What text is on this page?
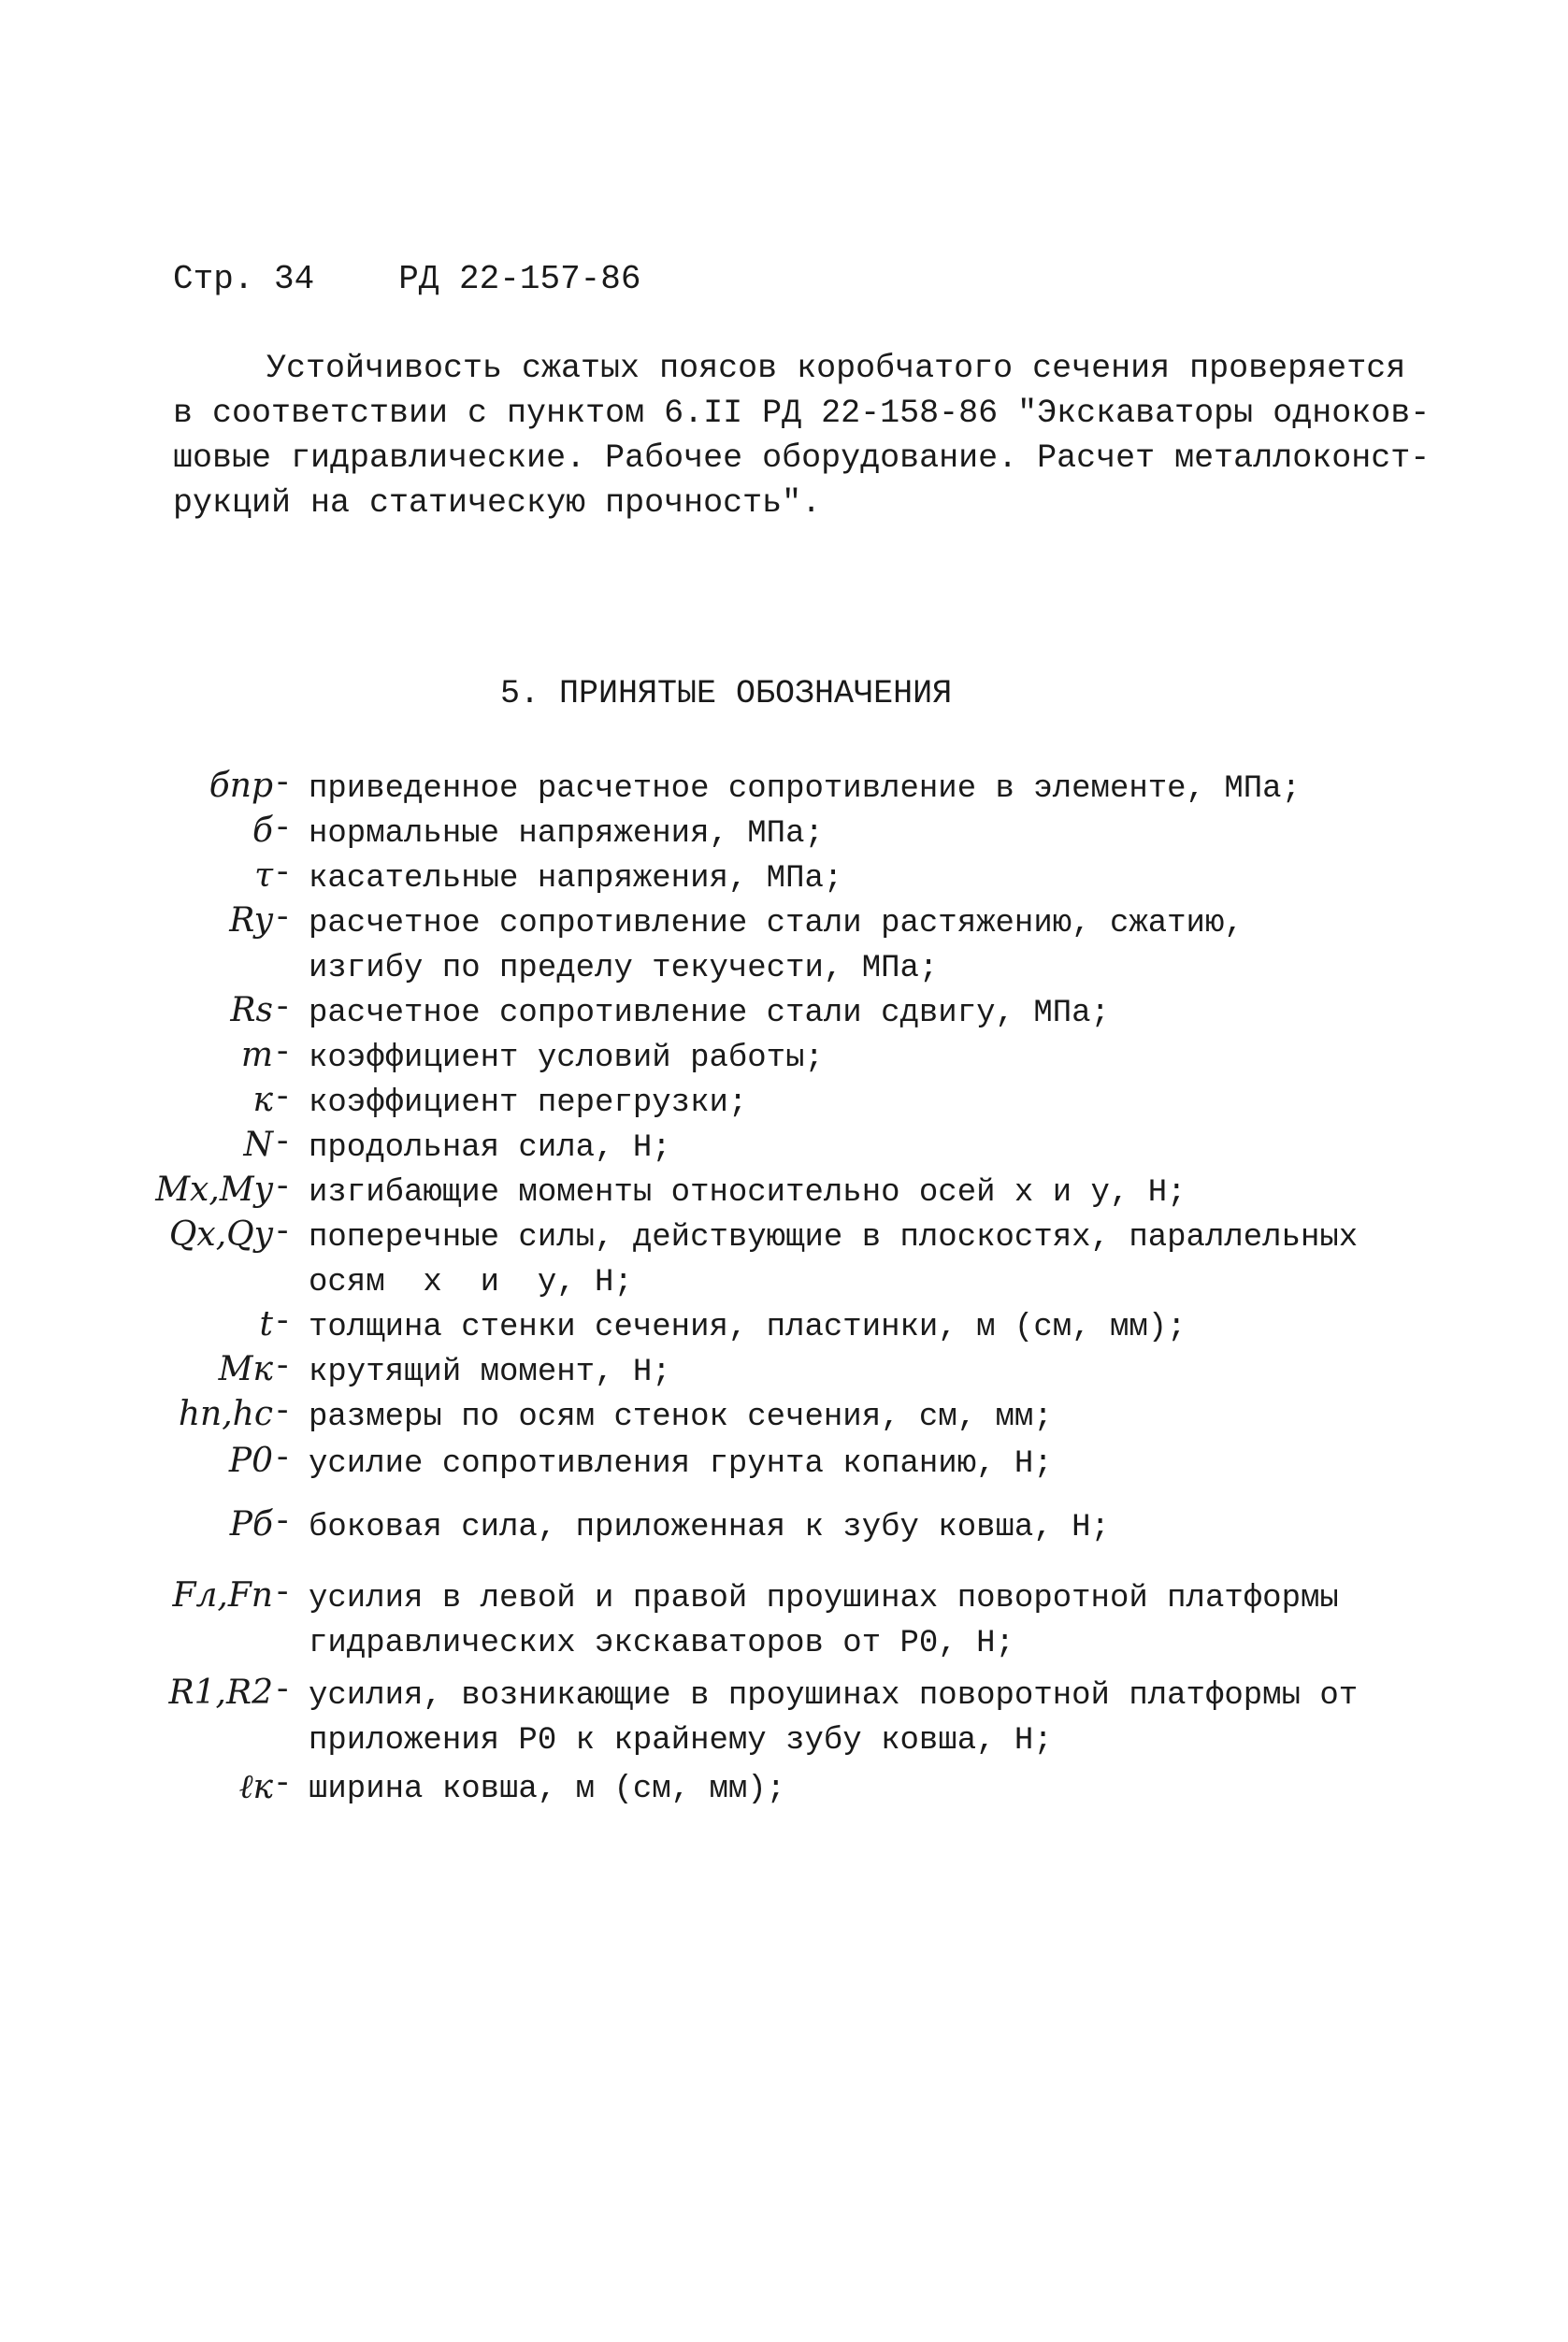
Стр. 34	РД 22-157-86
Устойчивость сжатых поясов коробчатого сечения проверяется
в соответствии с пунктом 6.II РД 22-158-86 "Экскаваторы одноков-
шовые гидравлические. Рабочее оборудование. Расчет металлоконст-
рукций на статическую прочность".
5. ПРИНЯТЫЕ ОБОЗНАЧЕНИЯ
бпр - приведенное расчетное сопротивление в элементе, МПа;
б - нормальные напряжения, МПа;
τ - касательные напряжения, МПа;
Ry - расчетное сопротивление стали растяжению, сжатию,
изгибу по пределу текучести, МПа;
Rs - расчетное сопротивление стали сдвигу, МПа;
m - коэффициент условий работы;
к - коэффициент перегрузки;
N - продольная сила, Н;
Mx,My - изгибающие моменты относительно осей х и у, Н;
Qx,Qy - поперечные силы, действующие в плоскостях, параллельных
осям  х  и  у, Н;
t - толщина стенки сечения, пластинки, м (см, мм);
Mк - крутящий момент, Н;
hп,hс - размеры по осям стенок сечения, см, мм;
P0 - усилие сопротивления грунта копанию, Н;
Pб - боковая сила, приложенная к зубу ковша, Н;
Fл,Fп - усилия в левой и правой проушинах поворотной платформы
гидравлических экскаваторов от P0, Н;
R1,R2 - усилия, возникающие в проушинах поворотной платформы от
приложения P0 к крайнему зубу ковша, Н;
ℓк - ширина ковша, м (см, мм);
